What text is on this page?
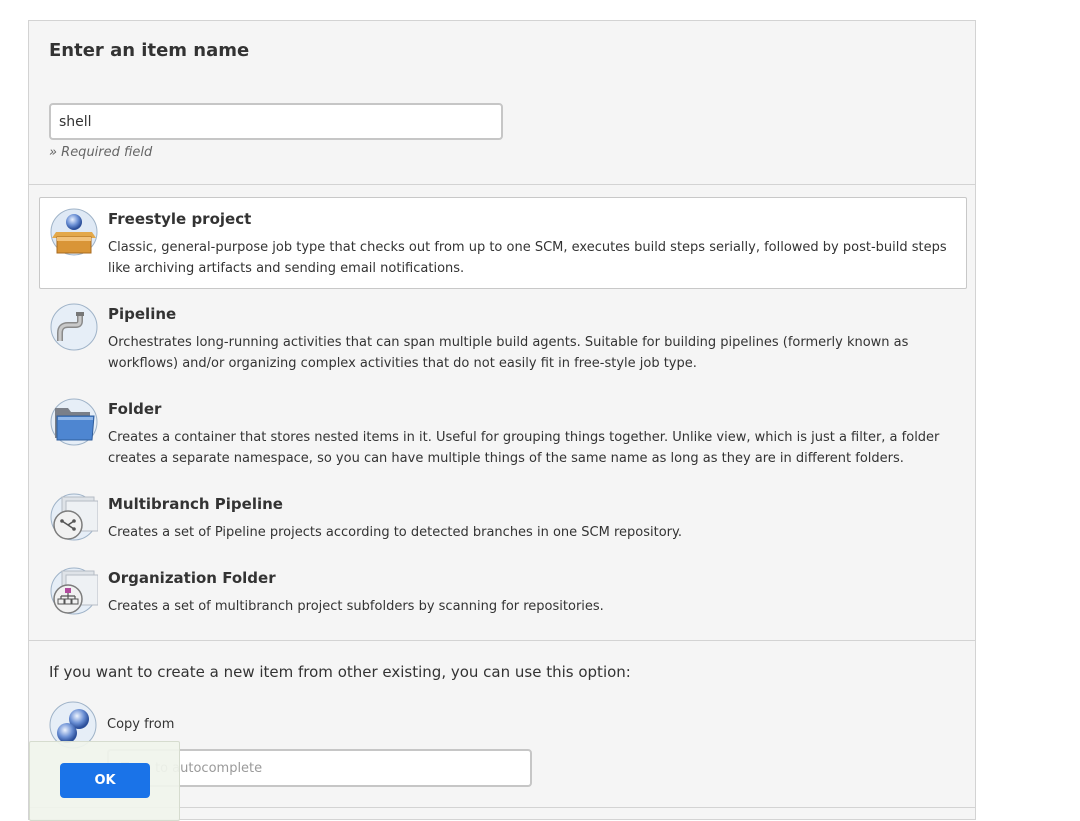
Enter an item name
shell
» Required field
Freestyle project
Classic, general-purpose job type that checks out from up to one SCM, executes build steps serially, followed by post-build steps like archiving artifacts and sending email notifications.
Pipeline
Orchestrates long-running activities that can span multiple build agents. Suitable for building pipelines (formerly known as workflows) and/or organizing complex activities that do not easily fit in free-style job type.
Folder
Creates a container that stores nested items in it. Useful for grouping things together. Unlike view, which is just a filter, a folder creates a separate namespace, so you can have multiple things of the same name as long as they are in different folders.
Multibranch Pipeline
Creates a set of Pipeline projects according to detected branches in one SCM repository.
Organization Folder
Creates a set of multibranch project subfolders by scanning for repositories.
If you want to create a new item from other existing, you can use this option:
Copy from
Type to autocomplete
OK
